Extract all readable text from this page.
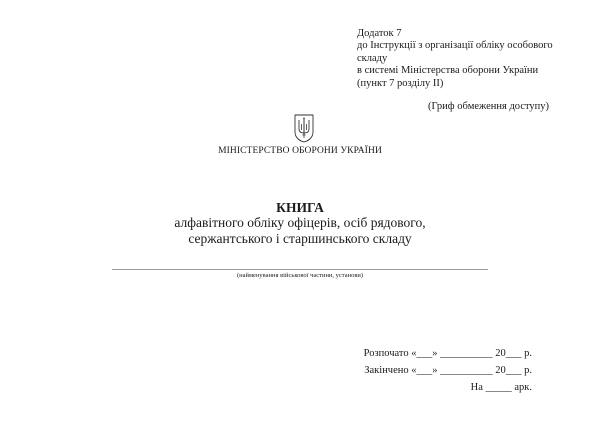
Додаток 7
до Інструкції з організації обліку особового
складу
в системі Міністерства оборони України
(пункт 7 розділу ІІ)
(Гриф обмеження доступу)
МІНІСТЕРСТВО ОБОРОНИ УКРАЇНИ
КНИГА
алфавітного обліку офіцерів, осіб рядового,
сержантського і старшинського складу
(найменування військової частини, установи)
Розпочато «___» __________ 20___ р.
Закінчено «___» __________ 20___ р.
На _____ арк.
